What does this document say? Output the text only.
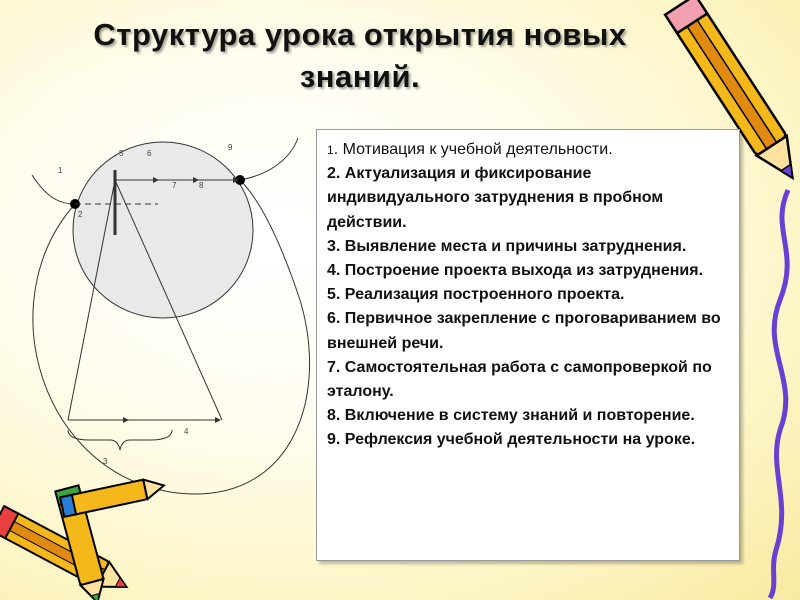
Структура урока открытия новых
знаний.
1
2
3
4
5	6
7	8
9	1. Мотивация к учебной деятельности.
2. Актуализация и фиксирование индивидуального затруднения в пробном действии.
3. Выявление места и причины затруднения.
4. Построение проекта выхода из затруднения.
5. Реализация построенного проекта.
6. Первичное закрепление с проговариванием во внешней речи.
7. Самостоятельная работа с самопроверкой по эталону.
8. Включение в систему знаний и повторение.
9. Рефлексия учебной деятельности на уроке.
